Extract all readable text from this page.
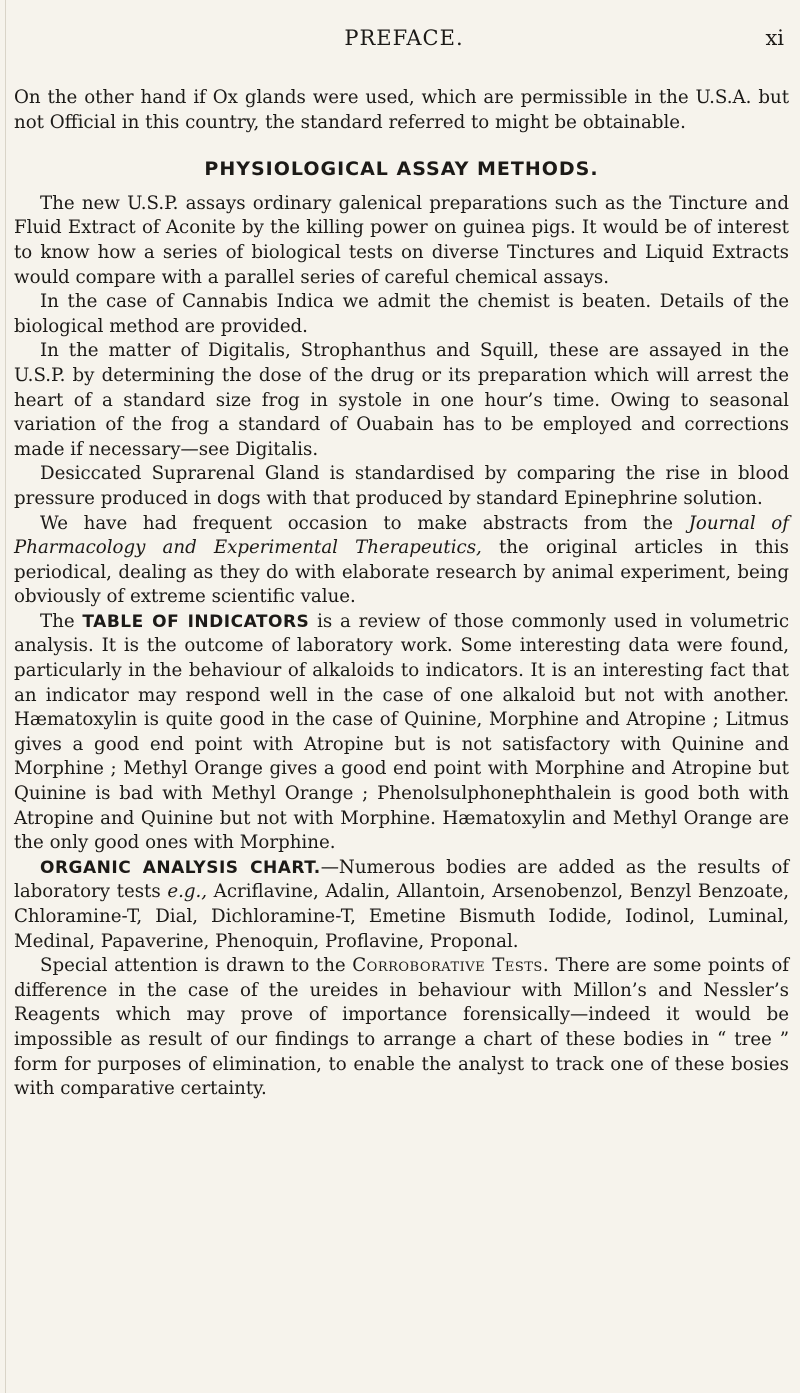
PREFACE.	xi

On the other hand if Ox glands were used, which are permissible in the U.S.A. but not Official in this country, the standard referred to might be obtainable.

PHYSIOLOGICAL ASSAY METHODS.

The new U.S.P. assays ordinary galenical preparations such as the Tincture and Fluid Extract of Aconite by the killing power on guinea pigs. It would be of interest to know how a series of biological tests on diverse Tinctures and Liquid Extracts would compare with a parallel series of careful chemical assays.

In the case of Cannabis Indica we admit the chemist is beaten. Details of the biological method are provided.

In the matter of Digitalis, Strophanthus and Squill, these are assayed in the U.S.P. by determining the dose of the drug or its preparation which will arrest the heart of a standard size frog in systole in one hour’s time. Owing to seasonal variation of the frog a standard of Ouabain has to be employed and corrections made if necessary—see Digitalis.

Desiccated Suprarenal Gland is standardised by comparing the rise in blood pressure produced in dogs with that produced by standard Epinephrine solution.

We have had frequent occasion to make abstracts from the Journal of Pharmacology and Experimental Therapeutics, the original articles in this periodical, dealing as they do with elaborate research by animal experiment, being obviously of extreme scientific value.

The TABLE OF INDICATORS is a review of those commonly used in volumetric analysis. It is the outcome of laboratory work. Some interesting data were found, particularly in the behaviour of alkaloids to indicators. It is an interesting fact that an indicator may respond well in the case of one alkaloid but not with another. Hæmatoxylin is quite good in the case of Quinine, Morphine and Atropine ; Litmus gives a good end point with Atropine but is not satisfactory with Quinine and Morphine ; Methyl Orange gives a good end point with Morphine and Atropine but Quinine is bad with Methyl Orange ; Phenolsulphonephthalein is good both with Atropine and Quinine but not with Morphine. Hæmatoxylin and Methyl Orange are the only good ones with Morphine.

ORGANIC ANALYSIS CHART.—Numerous bodies are added as the results of laboratory tests e.g., Acriflavine, Adalin, Allantoin, Arsenobenzol, Benzyl Benzoate, Chloramine-T, Dial, Dichloramine-T, Emetine Bismuth Iodide, Iodinol, Luminal, Medinal, Papaverine, Phenoquin, Proflavine, Proponal.

Special attention is drawn to the Corroborative Tests. There are some points of difference in the case of the ureides in behaviour with Millon’s and Nessler’s Reagents which may prove of importance forensically—indeed it would be impossible as result of our findings to arrange a chart of these bodies in “ tree ” form for purposes of elimination, to enable the analyst to track one of these bosies with comparative certainty.
